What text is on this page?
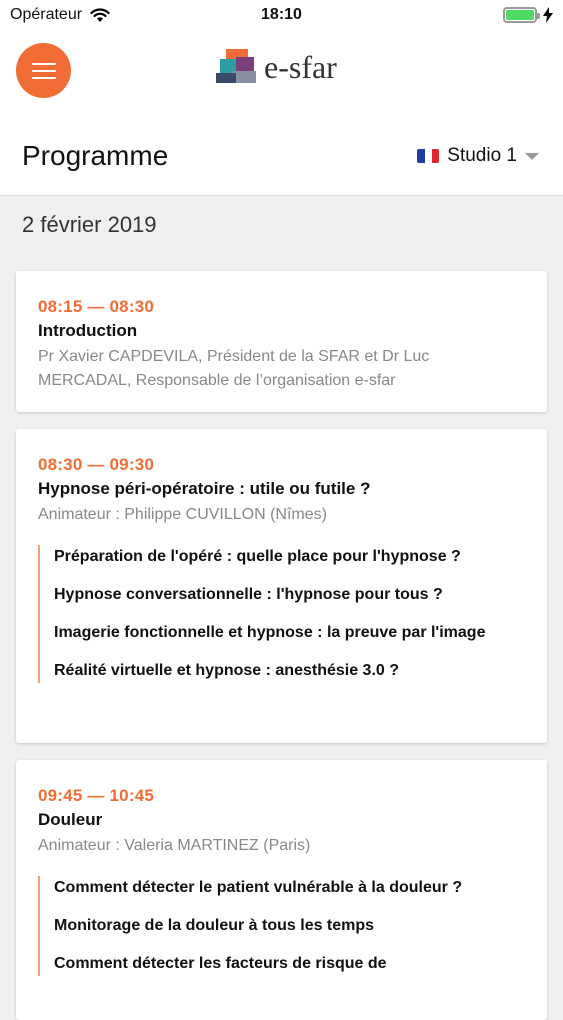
Opérateur	18:10
e-sfar
Programme	Studio 1
2 février 2019
08:15 — 08:30
Introduction
Pr Xavier CAPDEVILA, Président de la SFAR et Dr Luc MERCADAL, Responsable de l’organisation e-sfar
08:30 — 09:30
Hypnose péri-opératoire : utile ou futile ?
Animateur : Philippe CUVILLON (Nîmes)
Préparation de l'opéré : quelle place pour l'hypnose ?
Hypnose conversationnelle : l'hypnose pour tous ?
Imagerie fonctionnelle et hypnose : la preuve par l'image
Réalité virtuelle et hypnose : anesthésie 3.0 ?
09:45 — 10:45
Douleur
Animateur : Valeria MARTINEZ (Paris)
Comment détecter le patient vulnérable à la douleur ?
Monitorage de la douleur à tous les temps
Comment détecter les facteurs de risque de
